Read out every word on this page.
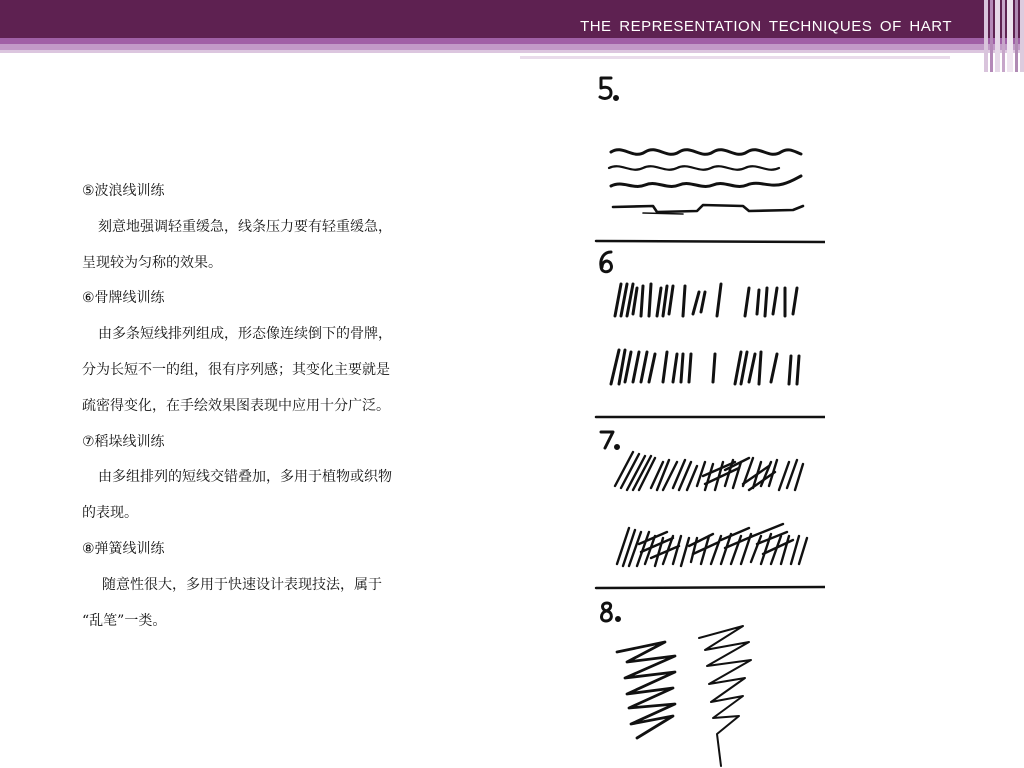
THE REPRESENTATION TECHNIQUES OF HART

⑤波浪线训练

刻意地强调轻重缓急，线条压力要有轻重缓急，

呈现较为匀称的效果。

⑥骨牌线训练

由多条短线排列组成，形态像连续倒下的骨牌，

分为长短不一的组，很有序列感；其变化主要就是

疏密得变化，在手绘效果图表现中应用十分广泛。

⑦稻垛线训练

由多组排列的短线交错叠加，多用于植物或织物

的表现。

⑧弹簧线训练

随意性很大，多用于快速设计表现技法，属于

“乱笔”一类。
